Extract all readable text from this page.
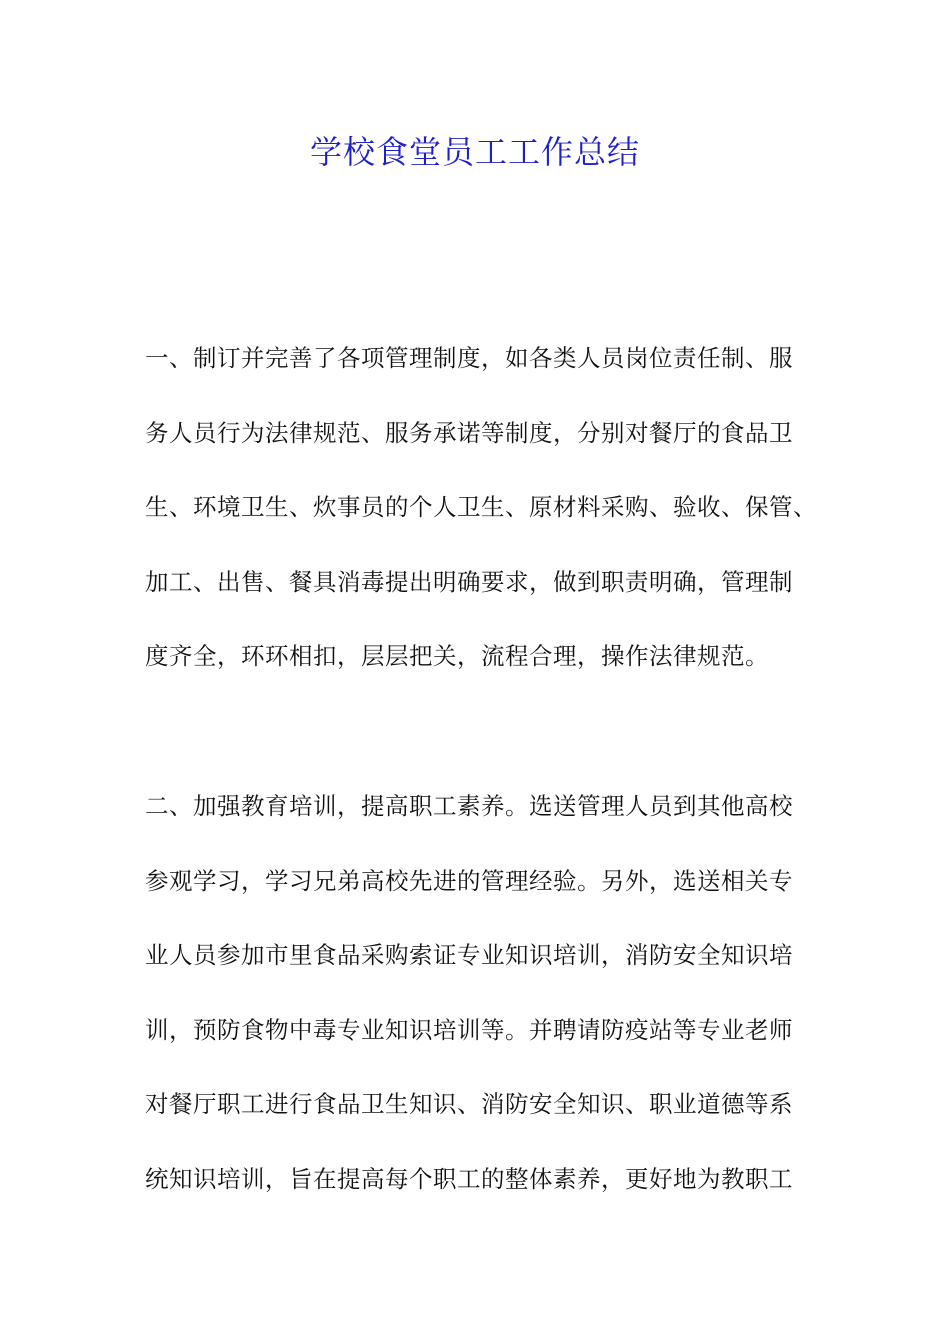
学校食堂员工工作总结
一、制订并完善了各项管理制度，如各类人员岗位责任制、服
务人员行为法律规范、服务承诺等制度，分别对餐厅的食品卫
生、环境卫生、炊事员的个人卫生、原材料采购、验收、保管、
加工、出售、餐具消毒提出明确要求，做到职责明确，管理制
度齐全，环环相扣，层层把关，流程合理，操作法律规范。
二、加强教育培训，提高职工素养。选送管理人员到其他高校
参观学习，学习兄弟高校先进的管理经验。另外，选送相关专
业人员参加市里食品采购索证专业知识培训，消防安全知识培
训，预防食物中毒专业知识培训等。并聘请防疫站等专业老师
对餐厅职工进行食品卫生知识、消防安全知识、职业道德等系
统知识培训，旨在提高每个职工的整体素养，更好地为教职工
